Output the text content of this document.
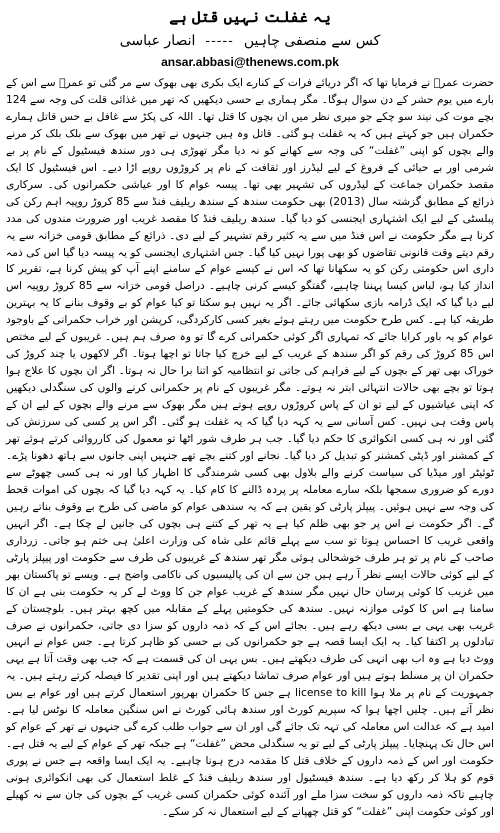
یہ غفلت نہیں قتل ہے
کس سے منصفی چاہیں
-----
انصار عباسی
ansar.abbasi@thenews.com.pk

حضرت عمرؓ نے فرمایا تھا کہ اگر دریائے فرات کے کنارے ایک بکری بھی بھوک سے مر گئی تو عمرؓ سے اس کے بارے میں یوم حشر کے دن سوال ہوگا۔ مگر ہماری بے حسی دیکھیں کہ تھر میں غذائی قلت کی وجہ سے 124 بچے موت کی نیند سو چکے جو میری نظر میں ان بچوں کا قتل تھا۔ اللہ کی پکڑ سے غافل بے حس قاتل ہمارے حکمران ہیں جو کہتے ہیں کہ یہ غفلت ہو گئی۔ قاتل وہ ہیں جنہوں نے تھر میں بھوک سے بلک بلک کر مرنے والے بچوں کو اپنی ”غفلت“ کی وجہ سے کھانے کو نہ دیا مگر تھوڑی ہی دور سندھ فیسٹیول کے نام پر بے شرمی اور بے حیائی کے فروغ کے لیے لیڈرز اور ثقافت کے نام پر کروڑوں روپے اڑا دیے۔ اس فیسٹیول کا ایک مقصد حکمران جماعت کے لیڈروں کی تشہیر بھی تھا۔ پیسہ عوام کا اور عیاشی حکمرانوں کی۔ سرکاری ذرائع کے مطابق گزشتہ سال (2013) بھی حکومت سندھ کے سندھ ریلیف فنڈ سے 85 کروڑ روپیہ اہم رکن کی پبلسٹی کے لیے ایک اشتہاری ایجنسی کو دیا گیا۔ سندھ ریلیف فنڈ کا مقصد غریب اور ضرورت مندوں کی مدد کرنا ہے مگر حکومت نے اس فنڈ میں سے یہ کثیر رقم تشہیر کے لیے دی۔ ذرائع کے مطابق قومی خزانہ سے یہ رقم دیتے وقت قانونی تقاضوں کو بھی پورا نہیں کیا گیا۔ جس اشتہاری ایجنسی کو یہ پیسہ دیا گیا اس کی ذمہ داری اس حکومتی رکن کو یہ سکھانا تھا کہ اس نے کیسے عوام کے سامنے اپنے آپ کو پیش کرنا ہے، تقریر کا انداز کیا ہو، لباس کیسا پہننا چاہیے، گفتگو کیسے کرنی چاہیے۔ دراصل قومی خزانہ سے 85 کروڑ روپیہ اس لیے دیا گیا کہ ایک ڈرامہ بازی سکھائی جائے۔ اگر یہ نہیں ہو سکتا تو کیا عوام کو بے وقوف بنانے کا یہ بہترین طریقہ کیا ہے۔ کس طرح حکومت میں رہتے ہوئے بغیر کسی کارکردگی، کرپشن اور خراب حکمرانی کے باوجود عوام کو یہ باور کرایا جائے کہ تمہاری اگر کوئی حکمرانی کرے گا تو وہ صرف ہم ہیں۔ غریبوں کے لیے مختص اس 85 کروڑ کی رقم کو اگر سندھ کے غریب کے لیے خرچ کیا جاتا تو اچھا ہوتا۔ اگر لاکھوں یا چند کروڑ کی خوراک بھی تھر کے بچوں کے لیے فراہم کی جاتی تو انتظامیہ کو اتنا برا حال نہ ہوتا۔ اگر ان بچوں کا علاج ہوا ہوتا تو بچے بھی حالات انتہائی ابتر نہ ہوتے۔ مگر غریبوں کے نام پر حکمرانی کرنے والوں کی سنگدلی دیکھیں کہ اپنی عیاشیوں کے لیے تو ان کے پاس کروڑوں روپے ہوتے ہیں مگر بھوک سے مرنے والے بچوں کے لیے ان کے پاس وقت ہی نہیں۔ کس آسانی سے یہ کہہ دیا گیا کہ یہ غفلت ہو گئی۔ اگر اس پر کسی کی سرزنش کی گئی اور نہ ہی کسی انکوائری کا حکم دیا گیا۔ جب ہر طرف شور اٹھا تو معمول کی کارروائی کرتے ہوئے تھر کے کمشنر اور ڈپٹی کمشنر کو تبدیل کر دیا گیا۔ نجانے اور کتنے بچے تھے جنہیں اپنی جانوں سے ہاتھ دھونا پڑے۔ ٹوئیٹر اور میڈیا کی سیاست کرنے والے بلاول بھی کسی شرمندگی کا اظہار کیا اور نہ ہی کسی چھوٹے سے دورے کو ضروری سمجھا بلکہ سارے معاملہ پر پردہ ڈالنے کا کام کیا۔ یہ کہہ دیا گیا کہ بچوں کی اموات قحط کی وجہ سے نہیں ہوئیں۔ پیپلز پارٹی کو یقین ہے کہ یہ سندھی عوام کو ماضی کی طرح بے وقوف بناتے رہیں گے۔ اگر حکومت نے اس پر جو بھی ظلم کیا ہے یہ تھر کے کتنے ہی بچوں کی جانیں لے چکا ہے۔ اگر انہیں واقعی غریب کا احساس ہوتا تو سب سے پہلے قائم علی شاہ کی وزارت اعلیٰ ہی ختم ہو جاتی۔ زرداری صاحب کے نام پر تو ہر طرف خوشحالی ہوئی مگر تھر سندھ کے غریبوں کی طرف سے حکومت اور پیپلز پارٹی کے لیے کوئی حالات ایسے نظر آ رہے ہیں جن سے ان کی پالیسیوں کی ناکامی واضح ہے۔ ویسے تو پاکستان بھر میں غریب کا کوئی پرسان حال نہیں مگر سندھ کے غریب عوام جن کا ووٹ لے کر یہ حکومت بنی ہے ان کا سامنا ہے اس کا کوئی موازنہ نہیں۔ سندھ کی حکومتیں پہلے کے مقابلہ میں کچھ بہتر ہیں۔ بلوچستان کے غریب بھی یہی بے بسی دیکھ رہے ہیں۔ بجائے اس کے کہ ذمہ داروں کو سزا دی جاتی، حکمرانوں نے صرف تبادلوں پر اکتفا کیا۔ یہ ایک ایسا قصہ ہے جو حکمرانوں کی بے حسی کو ظاہر کرتا ہے۔ جس عوام نے انہیں ووٹ دیا ہے وہ اب بھی انہی کی طرف دیکھتے ہیں۔ بس یہی ان کی قسمت ہے کہ جب بھی وقت آتا ہے یہی حکمران ان پر مسلط ہوتے ہیں اور عوام صرف تماشا دیکھتے ہیں اور اپنی تقدیر کا فیصلہ کرتے رہتے ہیں۔ یہ جمہوریت کے نام پر ملا ہوا license to kill ہے جس کا حکمران بھرپور استعمال کرتے ہیں اور عوام بے بس نظر آتے ہیں۔ چلیں اچھا ہوا کہ سپریم کورٹ اور سندھ ہائی کورٹ نے اس سنگین معاملہ کا نوٹس لیا ہے۔ امید ہے کہ عدالت اس معاملہ کی تہہ تک جائے گی اور ان سے جواب طلب کرے گی جنہوں نے تھر کے عوام کو اس حال تک پہنچایا۔ پیپلز پارٹی کے لیے تو یہ سنگدلی محض ”غفلت“ ہے جبکہ تھر کے عوام کے لیے یہ قتل ہے۔ حکومت اور اس کے ذمہ داروں کے خلاف قتل کا مقدمہ درج ہونا چاہیے۔ یہ ایک ایسا واقعہ ہے جس نے پوری قوم کو ہلا کر رکھ دیا ہے۔ سندھ فیسٹیول اور سندھ ریلیف فنڈ کے غلط استعمال کی بھی انکوائری ہونی چاہیے تاکہ ذمہ داروں کو سخت سزا ملے اور آئندہ کوئی حکمران کسی غریب کے بچوں کی جان سے نہ کھیلے اور کوئی حکومت اپنی ”غفلت“ کو قتل چھپانے کے لیے استعمال نہ کر سکے۔
